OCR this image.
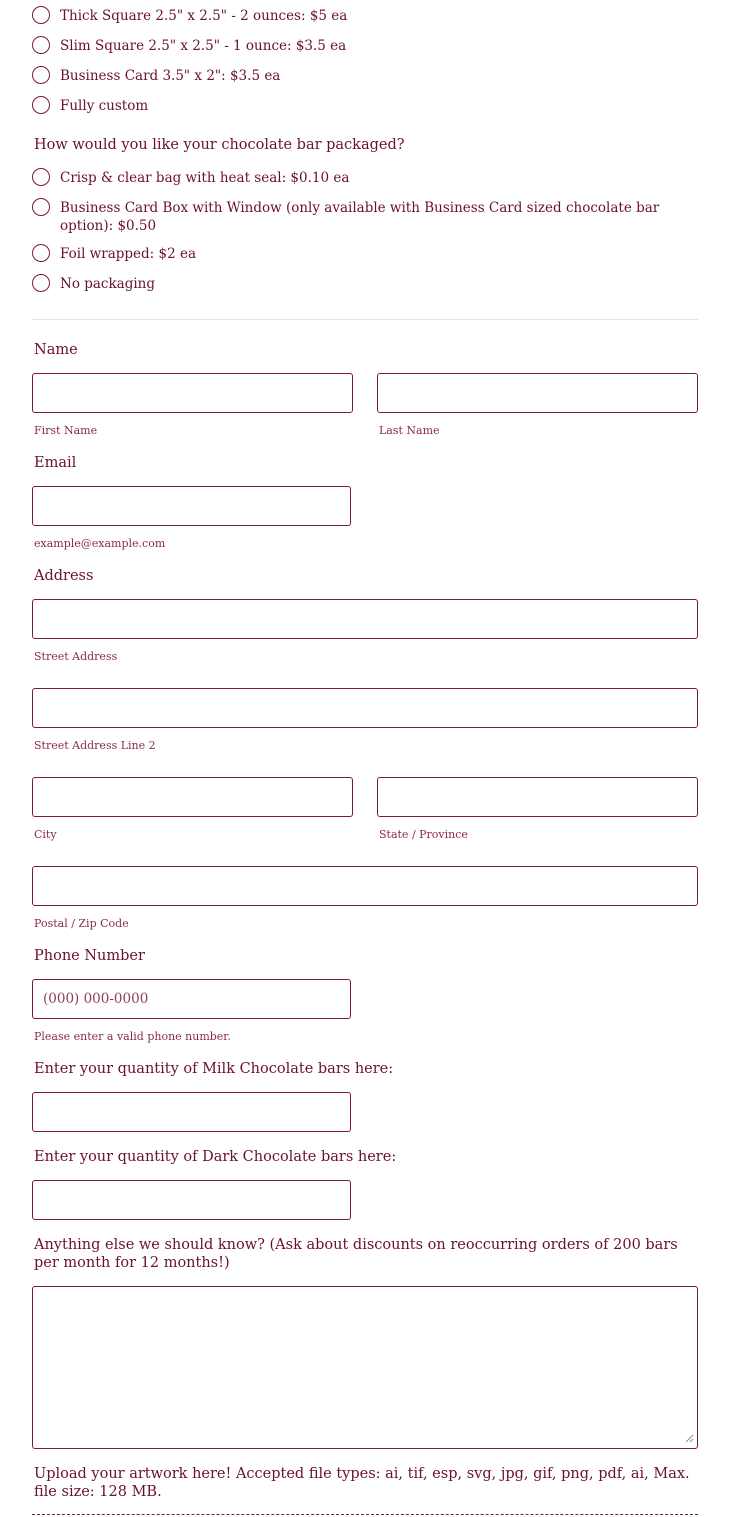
Thick Square 2.5" x 2.5" - 2 ounces: $5 ea
Slim Square 2.5" x 2.5" - 1 ounce: $3.5 ea
Business Card 3.5" x 2": $3.5 ea
Fully custom
How would you like your chocolate bar packaged?
Crisp & clear bag with heat seal: $0.10 ea
Business Card Box with Window (only available with Business Card sized chocolate bar option): $0.50
Foil wrapped: $2 ea
No packaging
Name
First Name	Last Name
Email
example@example.com
Address
Street Address
Street Address Line 2
City	State / Province
Postal / Zip Code
Phone Number
(000) 000-0000
Please enter a valid phone number.
Enter your quantity of Milk Chocolate bars here:
Enter your quantity of Dark Chocolate bars here:
Anything else we should know? (Ask about discounts on reoccurring orders of 200 bars per month for 12 months!)
Upload your artwork here! Accepted file types: ai, tif, esp, svg, jpg, gif, png, pdf, ai, Max. file size: 128 MB.
